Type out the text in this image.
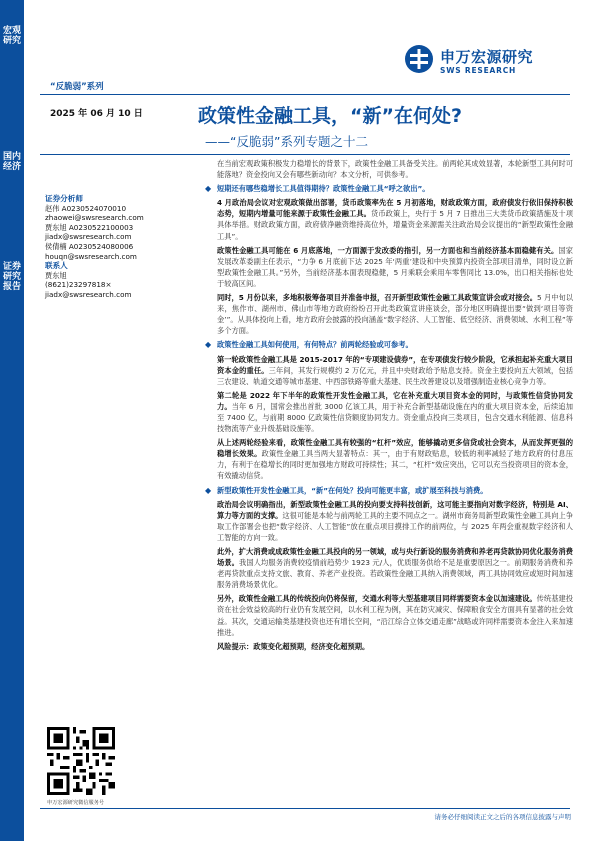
宏观研究
国内经济
证券研究报告
“反脆弱”系列
申万宏源研究
SWS RESEARCH
2025 年 06 月 10 日	政策性金融工具，“新”在何处?
——“反脆弱”系列专题之十二
证券分析师
赵伟 A0230524070010
zhaowei@swsresearch.com
贾东旭 A0230522100003
jiadx@swsresearch.com
侯倩楠 A0230524080006
houqn@swsresearch.com
联系人
贾东旭
(8621)23297818×
jiadx@swsresearch.com
申万宏源研究微信服务号

在当前宏观政策积极发力稳增长的背景下，政策性金融工具备受关注。前两轮其成效显著，本轮新型工具何时可能落地？资金投向又会有哪些新动向？本文分析，可供参考。

◆ 短期还有哪些稳增长工具值得期待？政策性金融工具“呼之欲出”。

4 月政治局会议对宏观政策做出部署，货币政策率先在 5 月初落地，财政政策方面，政府债发行依旧保持积极态势，短期内增量可能来源于政策性金融工具。货币政策上，央行于 5 月 7 日推出三大类货币政策措施及十项具体举措。财政政策方面，政府债净融资维持高位外，增量资金来源需关注政治局会议提出的“新型政策性金融工具”。

政策性金融工具可能在 6 月底落地，一方面源于发改委的指引，另一方面也和当前经济基本面稳健有关。国家发展改革委副主任表示，“力争 6 月底前下达 2025 年‘两重’建设和中央预算内投资全部项目清单，同时设立新型政策性金融工具。”另外，当前经济基本面表现稳健，5 月乘联会乘用车零售同比 13.0%，出口相关指标也处于较高区间。

同时，5 月份以来，多地积极筹备项目并准备申报，召开新型政策性金融工具政策宣讲会或对接会。5 月中旬以来，焦作市、湖州市、佛山市等地方政府纷纷召开此类政策宣讲座谈会，部分地区明确提出要“做到‘项目等资金’”。从具体投向上看，地方政府会披露的投向涵盖“数字经济、人工智能、低空经济、消费领域、水利工程”等多个方面。

◆ 政策性金融工具如何使用，有何特点？前两轮经验或可参考。

第一轮政策性金融工具是 2015-2017 年的“专项建设债券”，在专项债发行较少阶段，它承担起补充重大项目资本金的重任。三年间，其发行规模约 2 万亿元，并且中央财政给予贴息支持。资金主要投向五大领域，包括三农建设、轨道交通等城市基建、中西部铁路等重大基建、民生改善建设以及增强制造业核心竞争力等。

第二轮是 2022 年下半年的政策性开发性金融工具，它在补充重大项目资本金的同时，与政策性信贷协同发力。当年 6 月，国常会推出首批 3000 亿该工具，用于补充合新型基础设施在内的重大项目资本金，后续追加至 7400 亿，与前期 8000 亿政策性信贷额度协同发力。资金重点投向三类项目，包含交通水利能源、信息科技物流等产业升级基础设施等。

从上述两轮经验来看，政策性金融工具有较强的“杠杆”效应，能够撬动更多信贷或社会资本，从而发挥更强的稳增长效果。政策性金融工具当两大显著特点：其一，由于有财政贴息，较低的利率减轻了地方政府的付息压力，有利于在稳增长的同时更加强地方财政可持续性；其二，“杠杆”效应突出，它可以充当投资项目的资本金，有效撬动信贷。

◆ 新型政策性开发性金融工具，“新”在何处？投向可能更丰富，或扩展至科技与消费。

政治局会议明确指出，新型政策性金融工具的投向要支持科技创新，这可能主要指向对数字经济，特别是 AI、算力等方面的支撑。这很可能是本轮与前两轮工具的主要不同点之一。湖州市商务局新型政策性金融工具向上争取工作部署会也把“数字经济、人工智能”放在重点项目摸排工作的前两位，与 2025 年两会重视数字经济和人工智能的方向一致。

此外，扩大消费或成政策性金融工具投向的另一领域，或与央行新设的服务消费和养老再贷款协同优化服务消费场景。我国人均服务消费较疫情前趋势少 1923 元/人，优质服务供给不足是重要原因之一。前期服务消费和养老再贷款重点支持文旅、教育、养老产业投资。若政策性金融工具纳入消费领域，两工具协同效应或短时间加速服务消费场景优化。

另外，政策性金融工具的传统投向仍将保留，交通水利等大型基建项目同样需要资本金以加速建设。传统基建投资在社会效益较高的行业仍有发展空间，以水利工程为例，其在防灾减灾、保障粮食安全方面具有显著的社会效益。其次，交通运输类基建投资也还有增长空间，“沿江综合立体交通走廊”战略或许同样需要资本金注入来加速推进。

风险提示：政策变化超预期，经济变化超预期。

请务必仔细阅读正文之后的各项信息披露与声明
